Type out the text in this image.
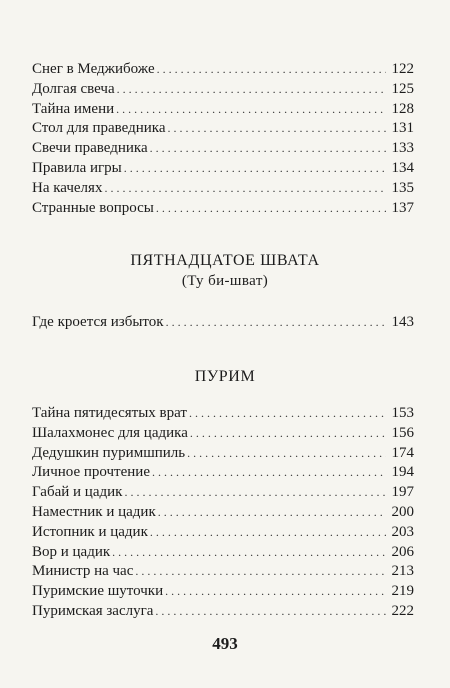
Снег в Меджибоже . . .	122
Долгая свеча . . .	125
Тайна имени . . .	128
Стол для праведника . . .	131
Свечи праведника . . .	133
Правила игры . . .	134
На качелях . . .	135
Странные вопросы . . .	137
ПЯТНАДЦАТОЕ ШВАТА
(Ту би-шват)
Где кроется избыток . . .	143
ПУРИМ
Тайна пятидесятых врат . . .	153
Шалахмонес для цадика . . .	156
Дедушкин пуримшпиль . . .	174
Личное прочтение . . .	194
Габай и цадик . . .	197
Наместник и цадик . . .	200
Истопник и цадик . . .	203
Вор и цадик . . .	206
Министр на час . . .	213
Пуримские шуточки . . .	219
Пуримская заслуга . . .	222
493
